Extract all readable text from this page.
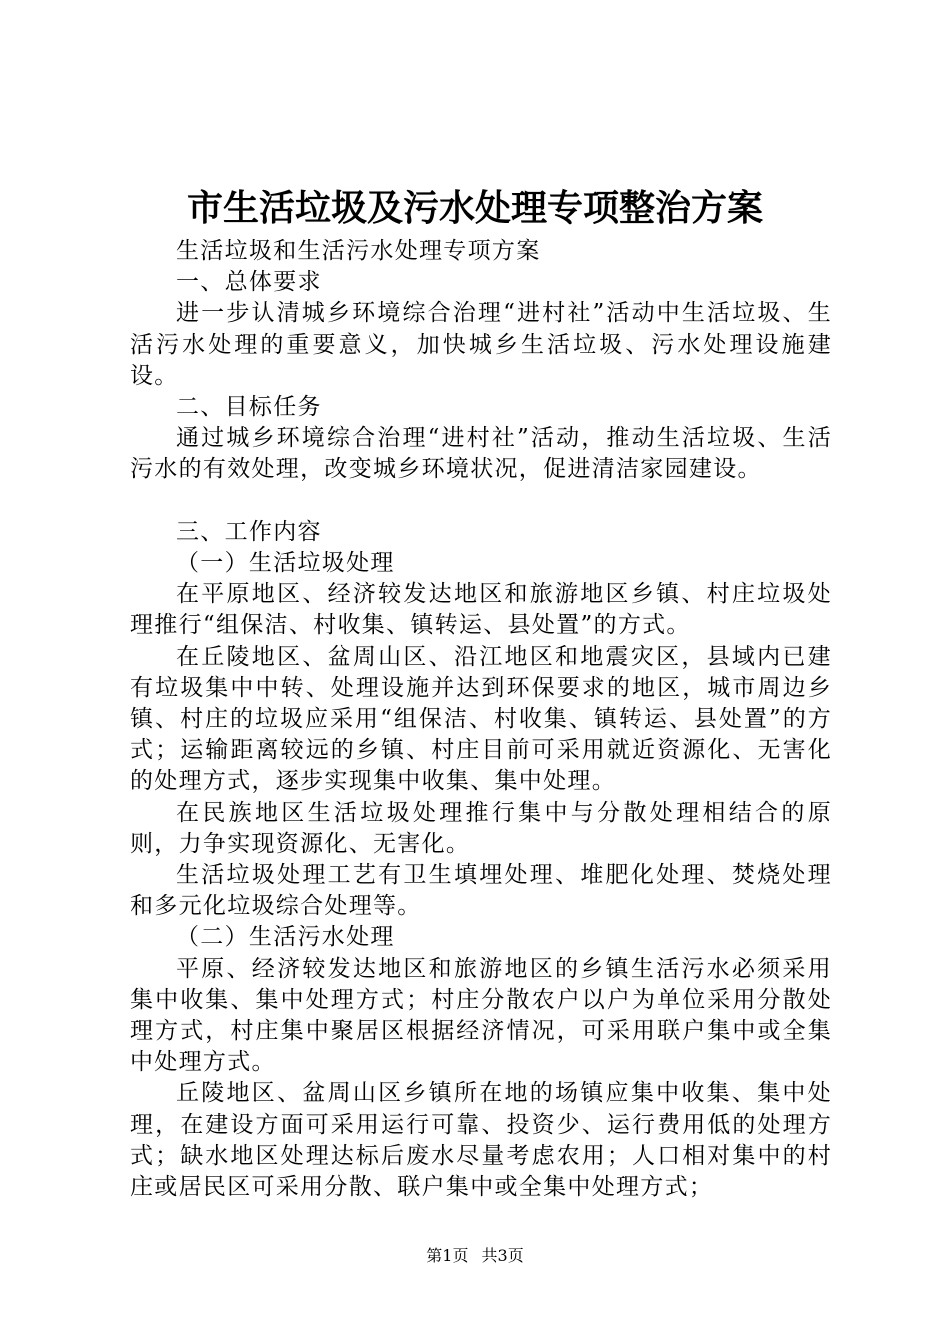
市生活垃圾及污水处理专项整治方案

生活垃圾和生活污水处理专项方案

一、总体要求

进一步认清城乡环境综合治理“进村社”活动中生活垃圾、生活污水处理的重要意义，加快城乡生活垃圾、污水处理设施建设。

二、目标任务

通过城乡环境综合治理“进村社”活动，推动生活垃圾、生活污水的有效处理，改变城乡环境状况，促进清洁家园建设。

三、工作内容

（一）生活垃圾处理

在平原地区、经济较发达地区和旅游地区乡镇、村庄垃圾处理推行“组保洁、村收集、镇转运、县处置”的方式。

在丘陵地区、盆周山区、沿江地区和地震灾区，县域内已建有垃圾集中中转、处理设施并达到环保要求的地区，城市周边乡镇、村庄的垃圾应采用“组保洁、村收集、镇转运、县处置”的方式；运输距离较远的乡镇、村庄目前可采用就近资源化、无害化的处理方式，逐步实现集中收集、集中处理。

在民族地区生活垃圾处理推行集中与分散处理相结合的原则，力争实现资源化、无害化。

生活垃圾处理工艺有卫生填埋处理、堆肥化处理、焚烧处理和多元化垃圾综合处理等。

（二）生活污水处理

平原、经济较发达地区和旅游地区的乡镇生活污水必须采用集中收集、集中处理方式；村庄分散农户以户为单位采用分散处理方式，村庄集中聚居区根据经济情况，可采用联户集中或全集中处理方式。

丘陵地区、盆周山区乡镇所在地的场镇应集中收集、集中处理，在建设方面可采用运行可靠、投资少、运行费用低的处理方式；缺水地区处理达标后废水尽量考虑农用；人口相对集中的村庄或居民区可采用分散、联户集中或全集中处理方式；

第1页 共3页
